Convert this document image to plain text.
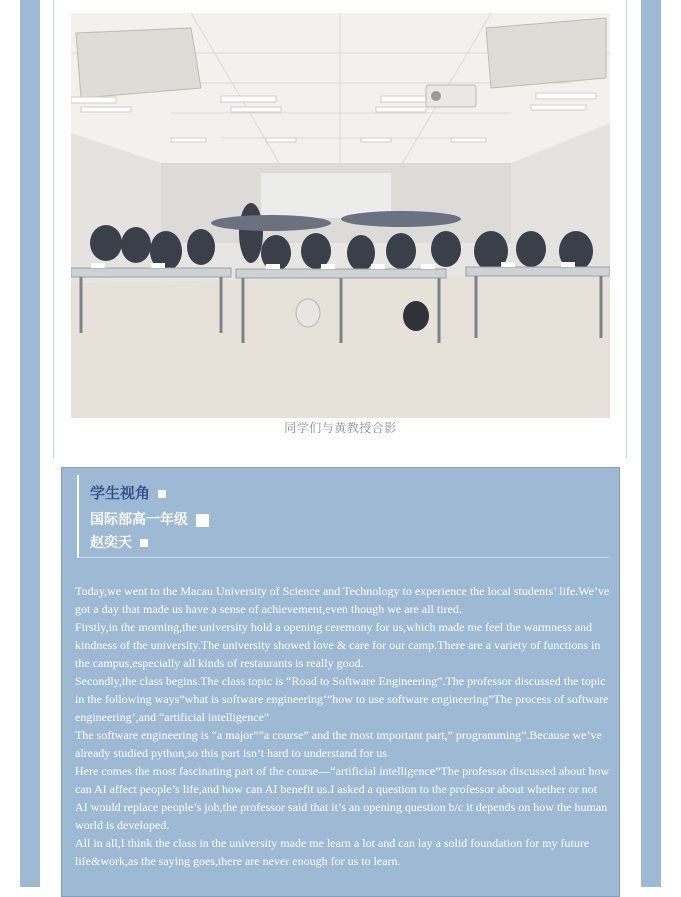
同学们与黄教授合影
学生视角
国际部高一年级
赵奕天

Today,we went to the Macau University of Science and Technology to experience the local students’ life.We’ve got a day that made us have a sense of achievement,even though we are all tired.

Firstly,in the morning,the university hold a opening ceremony for us,which made me feel the warmness and kindness of the university.The university showed love & care for our camp.There are a variety of functions in the campus,especially all kinds of restaurants is really good.

Secondly,the class begins.The class topic is “Road to Software Engineering”.The professor discussed the topic in the following ways”what is software engineering’”how to use software engineering”The process of software engineering’,and “artificial intelligence”

The software engineering is “a major””a course” and the most important part,” programming”.Because we’ve already studied python,so this part isn’t hard to understand for us.

Here comes the most fascinating part of the course—“artificial intelligence”The professor discussed about how can AI affect people’s life,and how can AI benefit us.I asked a question to the professor about whether or not AI would replace people’s job,the professor said that it’s an opening question b/c it depends on how the human world is developed.

All in all,I think the class in the university made me learn a lot and can lay a solid foundation for my future life&work,as the saying goes,there are never enough for us to learn.
